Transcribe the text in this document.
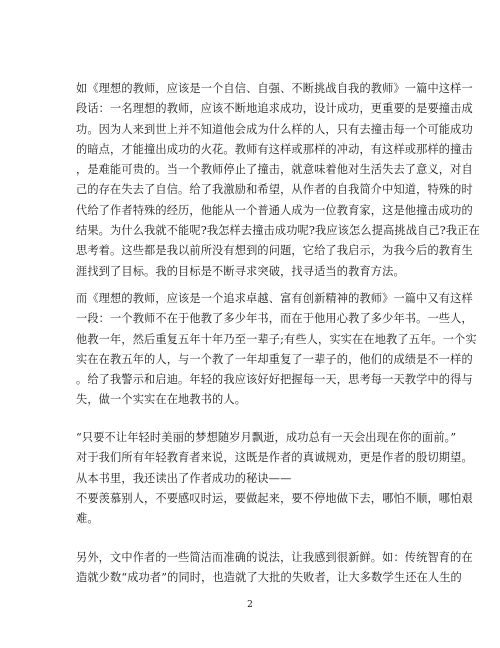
如《理想的教师，应该是一个自信、自强、不断挑战自我的教师》一篇中这样一
段话：一名理想的教师，应该不断地追求成功，设计成功，更重要的是要撞击成
功。因为人来到世上并不知道他会成为什么样的人，只有去撞击每一个可能成功
的暗点，才能撞出成功的火花。教师有这样或那样的冲动，有这样或那样的撞击
，是难能可贵的。当一个教师停止了撞击，就意味着他对生活失去了意义，对自
己的存在失去了自信。给了我激励和希望，从作者的自我简介中知道，特殊的时
代给了作者特殊的经历，他能从一个普通人成为一位教育家，这是他撞击成功的
结果。为什么我就不能呢?我怎样去撞击成功呢?我应该怎么提高挑战自己?我正在
思考着。这些都是我以前所没有想到的问题，它给了我启示，为我今后的教育生
涯找到了目标。我的目标是不断寻求突破，找寻适当的教育方法。
而《理想的教师，应该是一个追求卓越、富有创新精神的教师》一篇中又有这样
一段：一个教师不在于他教了多少年书，而在于他用心教了多少年书。一些人，
他教一年，然后重复五年十年乃至一辈子;有些人，实实在在地教了五年。一个实
实在在教五年的人，与一个教了一年却重复了一辈子的，他们的成绩是不一样的
。给了我警示和启迪。年轻的我应该好好把握每一天，思考每一天教学中的得与
失，做一个实实在在地教书的人。
“只要不让年轻时美丽的梦想随岁月飘逝，成功总有一天会出现在你的面前。”
对于我们所有年轻教育者来说，这既是作者的真诚规劝，更是作者的殷切期望。
从本书里，我还读出了作者成功的秘诀——
不要羡慕别人，不要感叹时运，要做起来，要不停地做下去，哪怕不顺，哪怕艰
难。
另外，文中作者的一些简洁而准确的说法，让我感到很新鲜。如：传统智育的在
造就少数“成功者”的同时，也造就了大批的失败者，让大多数学生还在人生的
2
